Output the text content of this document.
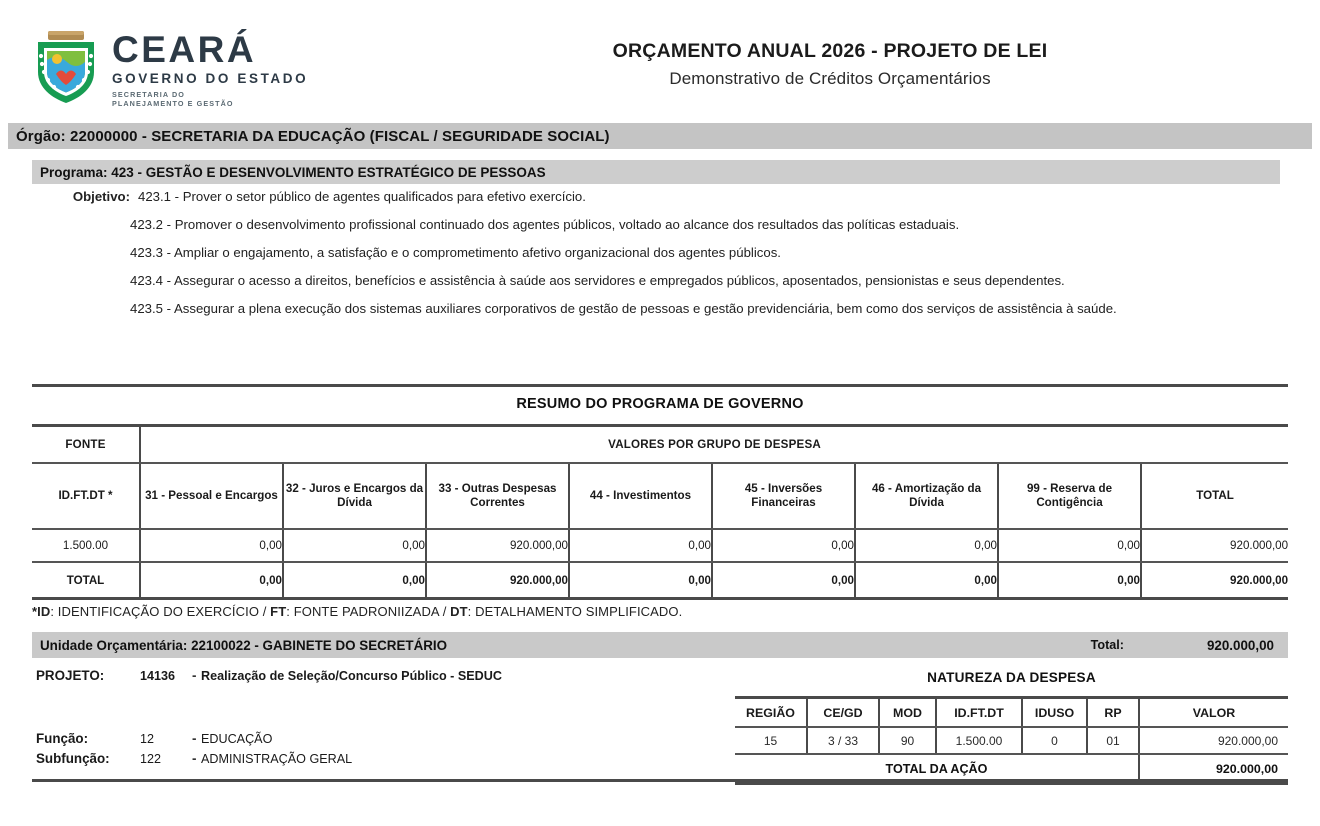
CEARÁ
GOVERNO DO ESTADO
SECRETARIA DO
PLANEJAMENTO E GESTÃO
ORÇAMENTO ANUAL 2026 - PROJETO DE LEI
Demonstrativo de Créditos Orçamentários
Órgão: 22000000 - SECRETARIA DA EDUCAÇÃO (FISCAL / SEGURIDADE SOCIAL)
Programa: 423 - GESTÃO E DESENVOLVIMENTO ESTRATÉGICO DE PESSOAS
Objetivo: 423.1 - Prover o setor público de agentes qualificados para efetivo exercício.
423.2 - Promover o desenvolvimento profissional continuado dos agentes públicos, voltado ao alcance dos resultados das políticas estaduais.
423.3 - Ampliar o engajamento, a satisfação e o comprometimento afetivo organizacional dos agentes públicos.
423.4 - Assegurar o acesso a direitos, benefícios e assistência à saúde aos servidores e empregados públicos, aposentados, pensionistas e seus dependentes.
423.5 - Assegurar a plena execução dos sistemas auxiliares corporativos de gestão de pessoas e gestão previdenciária, bem como dos serviços de assistência à saúde.
RESUMO DO PROGRAMA DE GOVERNO
FONTE	VALORES POR GRUPO DE DESPESA							
ID.FT.DT *	31 - Pessoal e Encargos	32 - Juros e Encargos da Dívida	33 - Outras Despesas Correntes	44 - Investimentos	45 - Inversões Financeiras	46 - Amortização da Dívida	99 - Reserva de Contigência	TOTAL
1.500.00	0,00	0,00	920.000,00	0,00	0,00	0,00	0,00	920.000,00
TOTAL	0,00	0,00	920.000,00	0,00	0,00	0,00	0,00	920.000,00
*ID: IDENTIFICAÇÃO DO EXERCÍCIO / FT: FONTE PADRONIIZADA / DT: DETALHAMENTO SIMPLIFICADO.
Unidade Orçamentária: 22100022 - GABINETE DO SECRETÁRIO	Total:	920.000,00
PROJETO:	14136	- Realização de Seleção/Concurso Público - SEDUC
Função:	12	- EDUCAÇÃO
Subfunção:	122	- ADMINISTRAÇÃO GERAL
NATUREZA DA DESPESA
REGIÃO	CE/GD	MOD	ID.FT.DT	IDUSO	RP	VALOR
15	3 / 33	90	1.500.00	0	01	920.000,00
TOTAL DA AÇÃO						920.000,00
